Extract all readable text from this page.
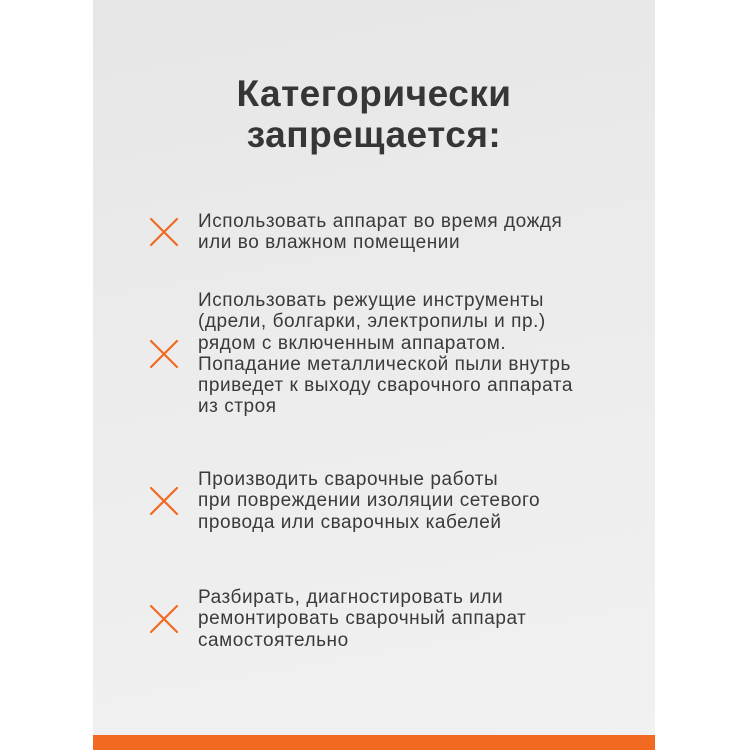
Категорически
запрещается:
Использовать аппарат во время дождя
или во влажном помещении
Использовать режущие инструменты
(дрели, болгарки, электропилы и пр.)
рядом с включенным аппаратом.
Попадание металлической пыли внутрь
приведет к выходу сварочного аппарата
из строя
Производить сварочные работы
при повреждении изоляции сетевого
провода или сварочных кабелей
Разбирать, диагностировать или
ремонтировать сварочный аппарат
самостоятельно
